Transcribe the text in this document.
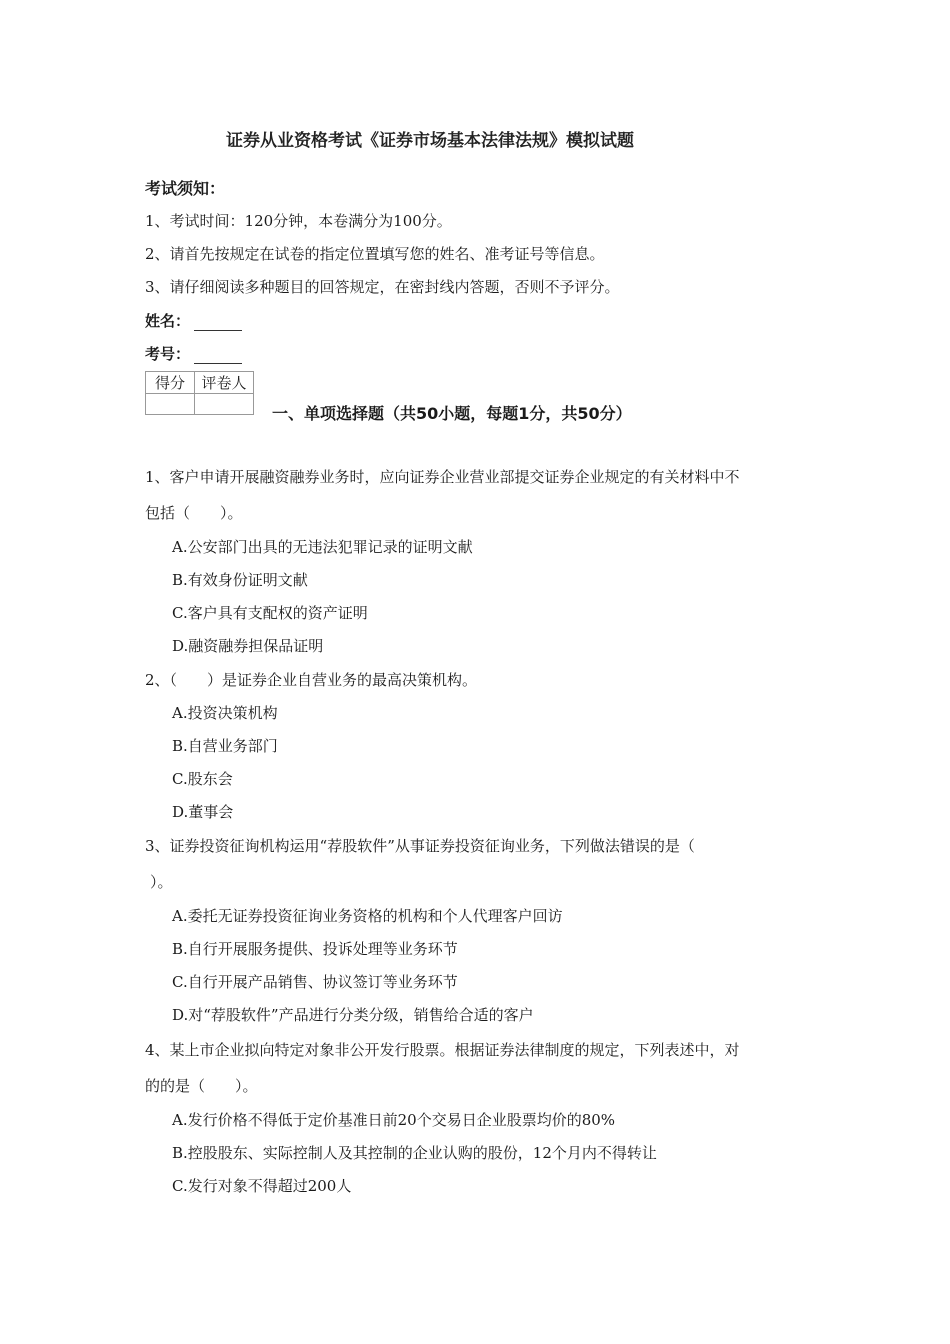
证券从业资格考试《证券市场基本法律法规》模拟试题
考试须知：
1、考试时间：120分钟，本卷满分为100分。
2、请首先按规定在试卷的指定位置填写您的姓名、准考证号等信息。
3、请仔细阅读多种题目的回答规定，在密封线内答题，否则不予评分。
姓名：
考号：
得分	评卷人

一、单项选择题（共50小题，每题1分，共50分）
1、客户申请开展融资融券业务时，应向证券企业营业部提交证券企业规定的有关材料中不
包括（　　）。
A.公安部门出具的无违法犯罪记录的证明文献
B.有效身份证明文献
C.客户具有支配权的资产证明
D.融资融券担保品证明
2、（　　）是证券企业自营业务的最高决策机构。
A.投资决策机构
B.自营业务部门
C.股东会
D.董事会
3、证券投资征询机构运用“荐股软件”从事证券投资征询业务，下列做法错误的是（
）。
A.委托无证券投资征询业务资格的机构和个人代理客户回访
B.自行开展服务提供、投诉处理等业务环节
C.自行开展产品销售、协议签订等业务环节
D.对“荐股软件”产品进行分类分级，销售给合适的客户
4、某上市企业拟向特定对象非公开发行股票。根据证券法律制度的规定，下列表述中，对
的的是（　　）。
A.发行价格不得低于定价基准日前20个交易日企业股票均价的80%
B.控股股东、实际控制人及其控制的企业认购的股份，12个月内不得转让
C.发行对象不得超过200人
